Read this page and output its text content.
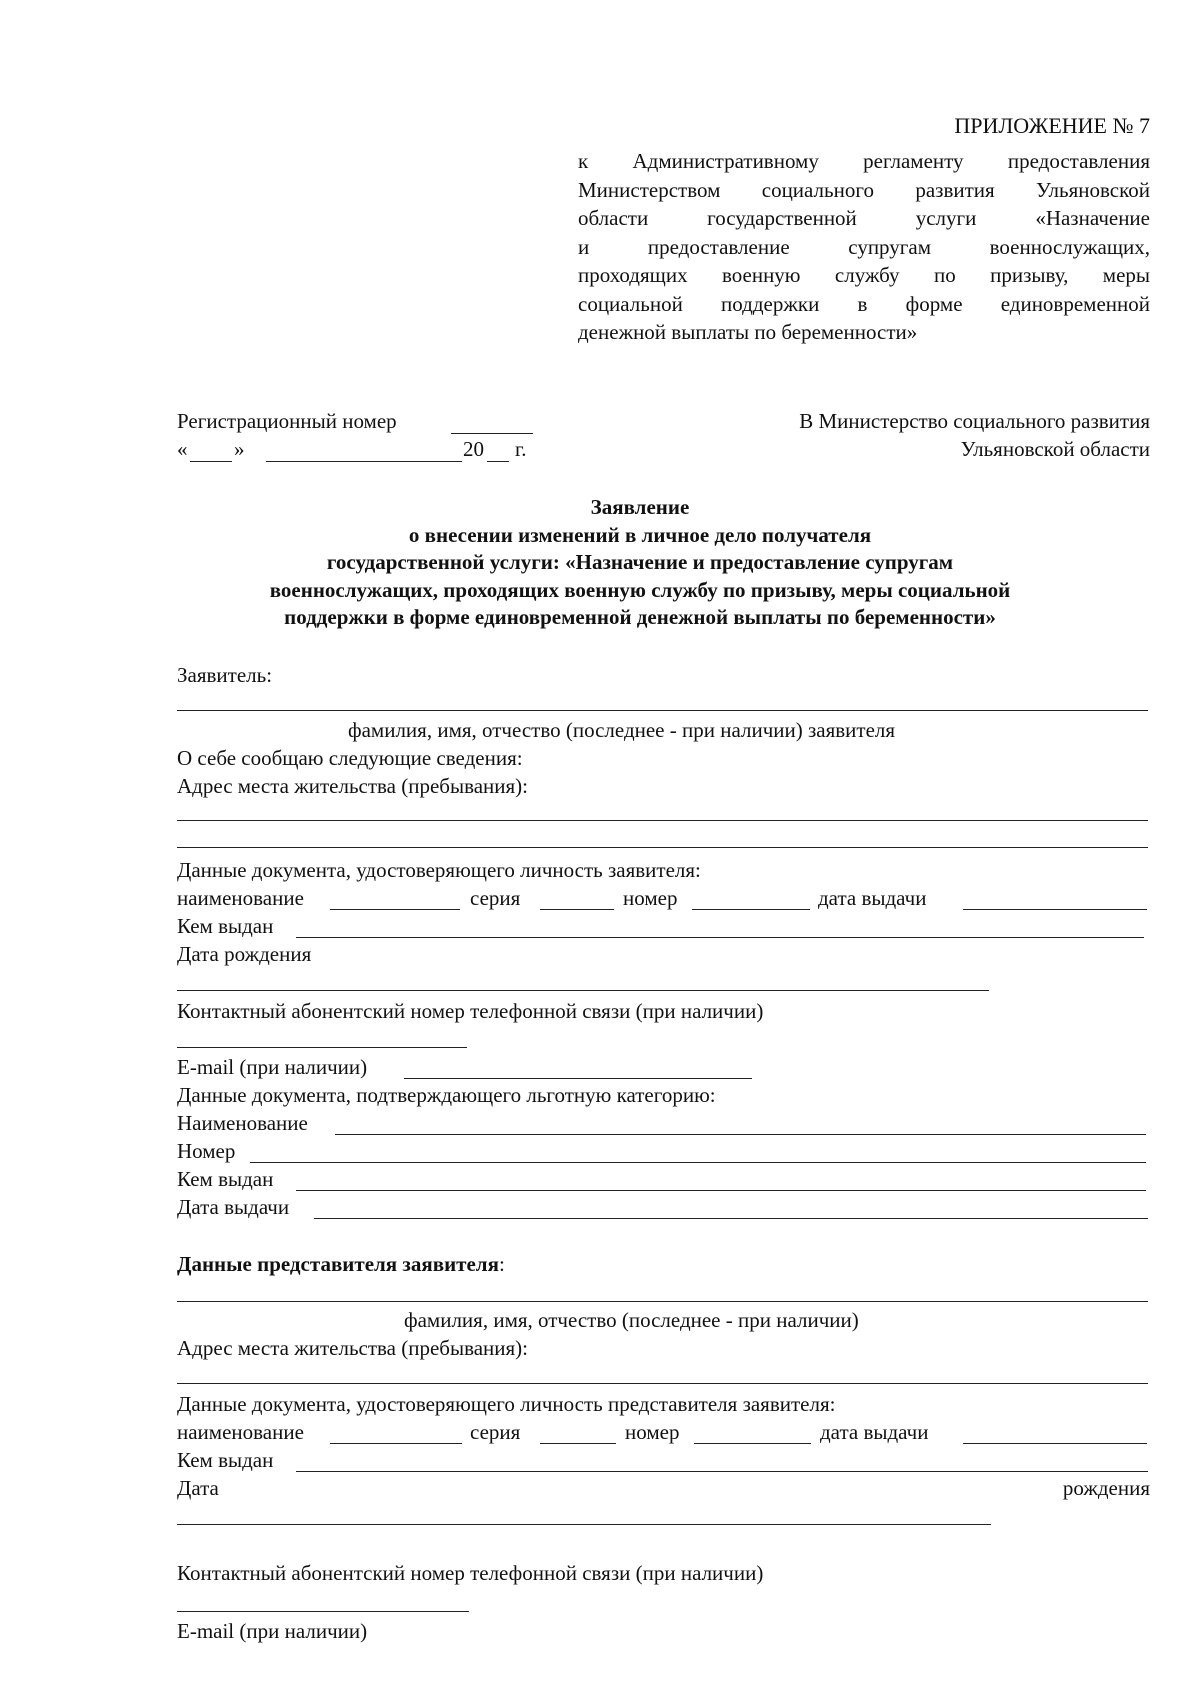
ПРИЛОЖЕНИЕ № 7
к Административному регламенту предоставления
Министерством социального развития Ульяновской
области государственной услуги «Назначение
и предоставление супругам военнослужащих,
проходящих военную службу по призыву, меры
социальной поддержки в форме единовременной
денежной выплаты по беременности»
Регистрационный номер
« »	20 г.
В Министерство социального развития
Ульяновской области
Заявление
о внесении изменений в личное дело получателя
государственной услуги: «Назначение и предоставление супругам
военнослужащих, проходящих военную службу по призыву, меры социальной
поддержки в форме единовременной денежной выплаты по беременности»
Заявитель:
фамилия, имя, отчество (последнее - при наличии) заявителя
О себе сообщаю следующие сведения:
Адрес места жительства (пребывания):
Данные документа, удостоверяющего личность заявителя:
наименование	серия	номер	дата выдачи
Кем выдан
Дата рождения
Контактный абонентский номер телефонной связи (при наличии)
E-mail (при наличии)
Данные документа, подтверждающего льготную категорию:
Наименование
Номер
Кем выдан
Дата выдачи
Данные представителя заявителя:
фамилия, имя, отчество (последнее - при наличии)
Адрес места жительства (пребывания):
Данные документа, удостоверяющего личность представителя заявителя:
наименование	серия	номер	дата выдачи
Кем выдан
Дата	рождения
Контактный абонентский номер телефонной связи (при наличии)
E-mail (при наличии)
